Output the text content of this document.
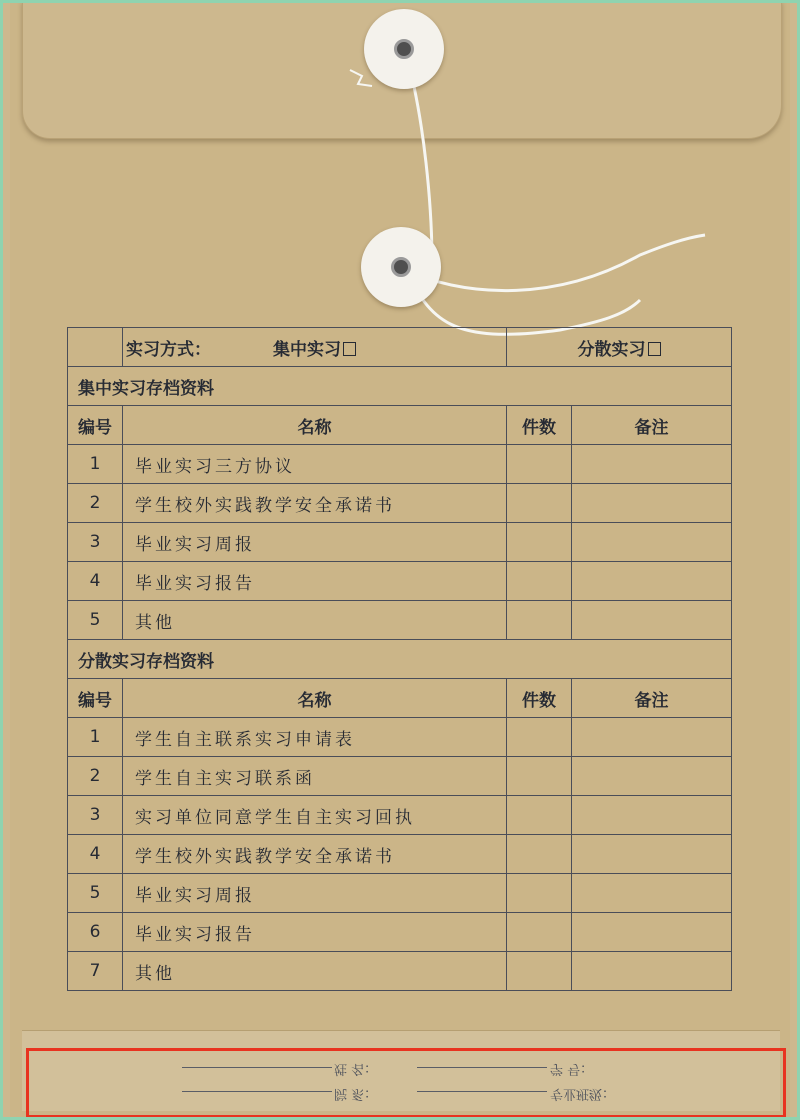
实习方式：	集中实习	分散实习	
集中实习存档资料			
编号	名称	件数	备注
1	毕业实习三方协议		
2	学生校外实践教学安全承诺书		
3	毕业实习周报		
4	毕业实习报告		
5	其他		
分散实习存档资料			
编号	名称	件数	备注
1	学生自主联系实习申请表		
2	学生自主实习联系函		
3	实习单位同意学生自主实习回执		
4	学生校外实践教学安全承诺书		
5	毕业实习周报		
6	毕业实习报告		
7	其他		
姓 名：	学 号：
院 系：	专业班级：
